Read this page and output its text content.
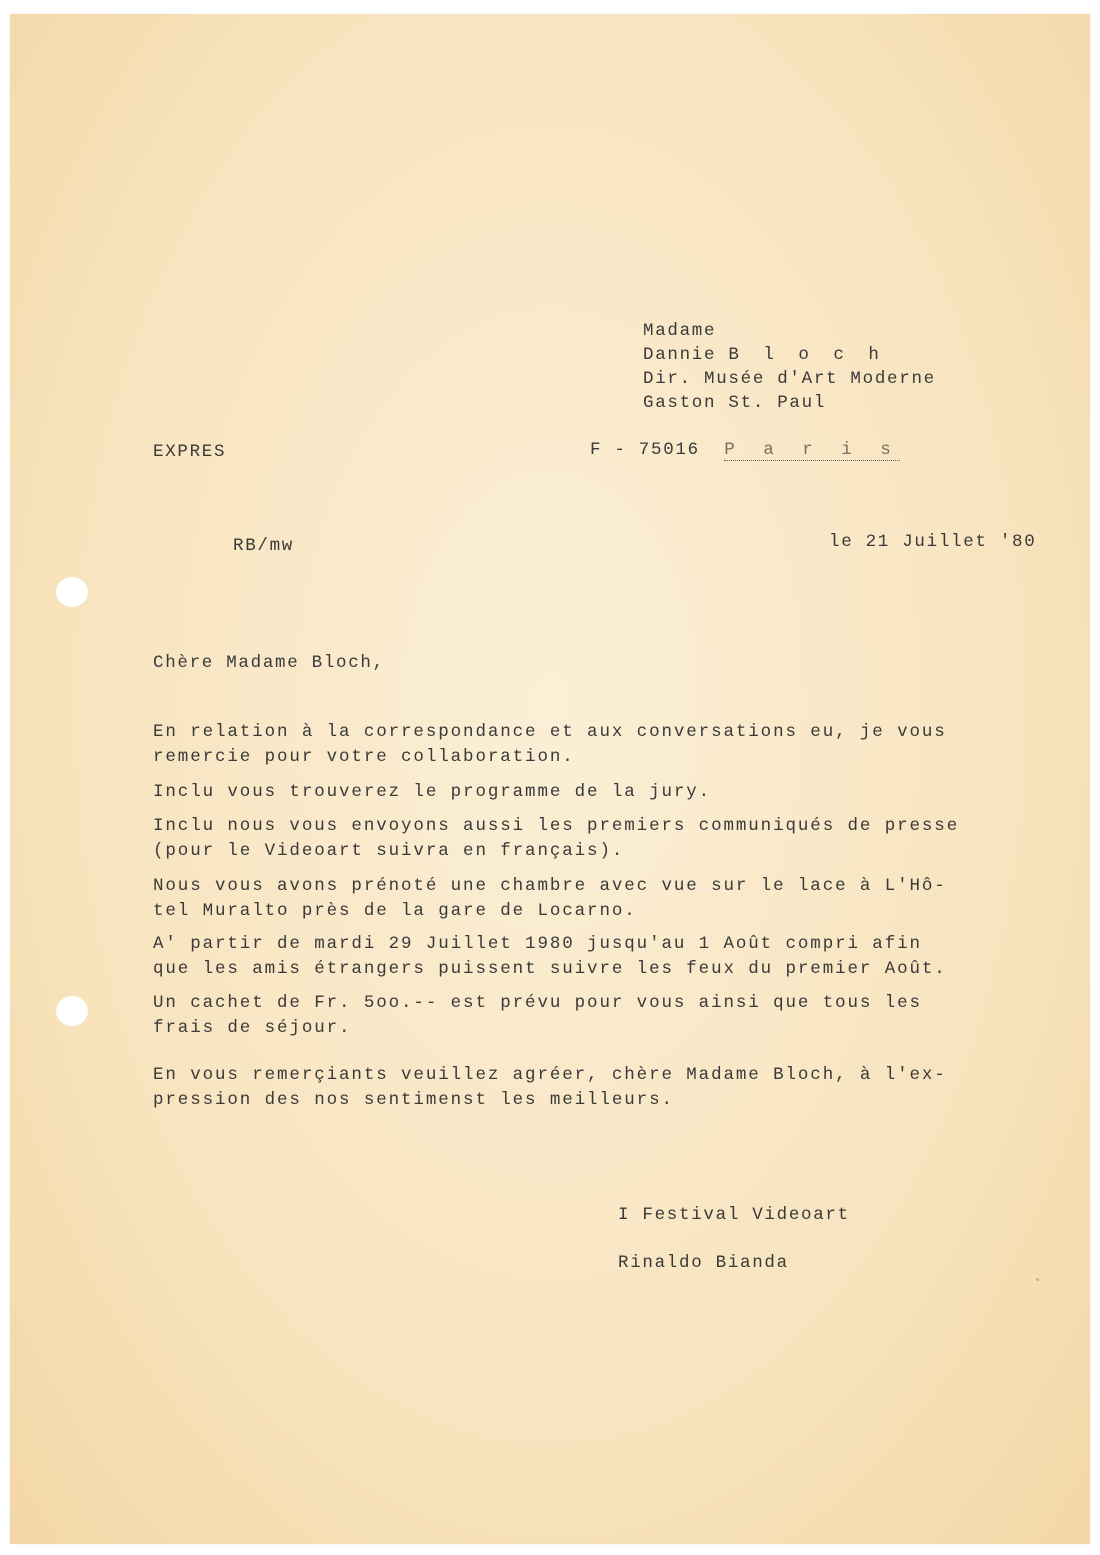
Madame
Dannie B l o c h
Dir. Musée d'Art Moderne
Gaston St. Paul
EXPRES	F - 75016 P a r i s
RB/mw	le 21 Juillet '80
Chère Madame Bloch,
En relation à la correspondance et aux conversations eu, je vous
remercie pour votre collaboration.
Inclu vous trouverez le programme de la jury.
Inclu nous vous envoyons aussi les premiers communiqués de presse
(pour le Videoart suivra en français).
Nous vous avons prénoté une chambre avec vue sur le lace à L'Hô-
tel Muralto près de la gare de Locarno.
A' partir de mardi 29 Juillet 1980 jusqu'au 1 Août compri afin
que les amis étrangers puissent suivre les feux du premier Août.
Un cachet de Fr. 5oo.-- est prévu pour vous ainsi que tous les
frais de séjour.
En vous remerçiants veuillez agréer, chère Madame Bloch, à l'ex-
pression des nos sentimenst les meilleurs.
I Festival Videoart
Rinaldo Bianda
